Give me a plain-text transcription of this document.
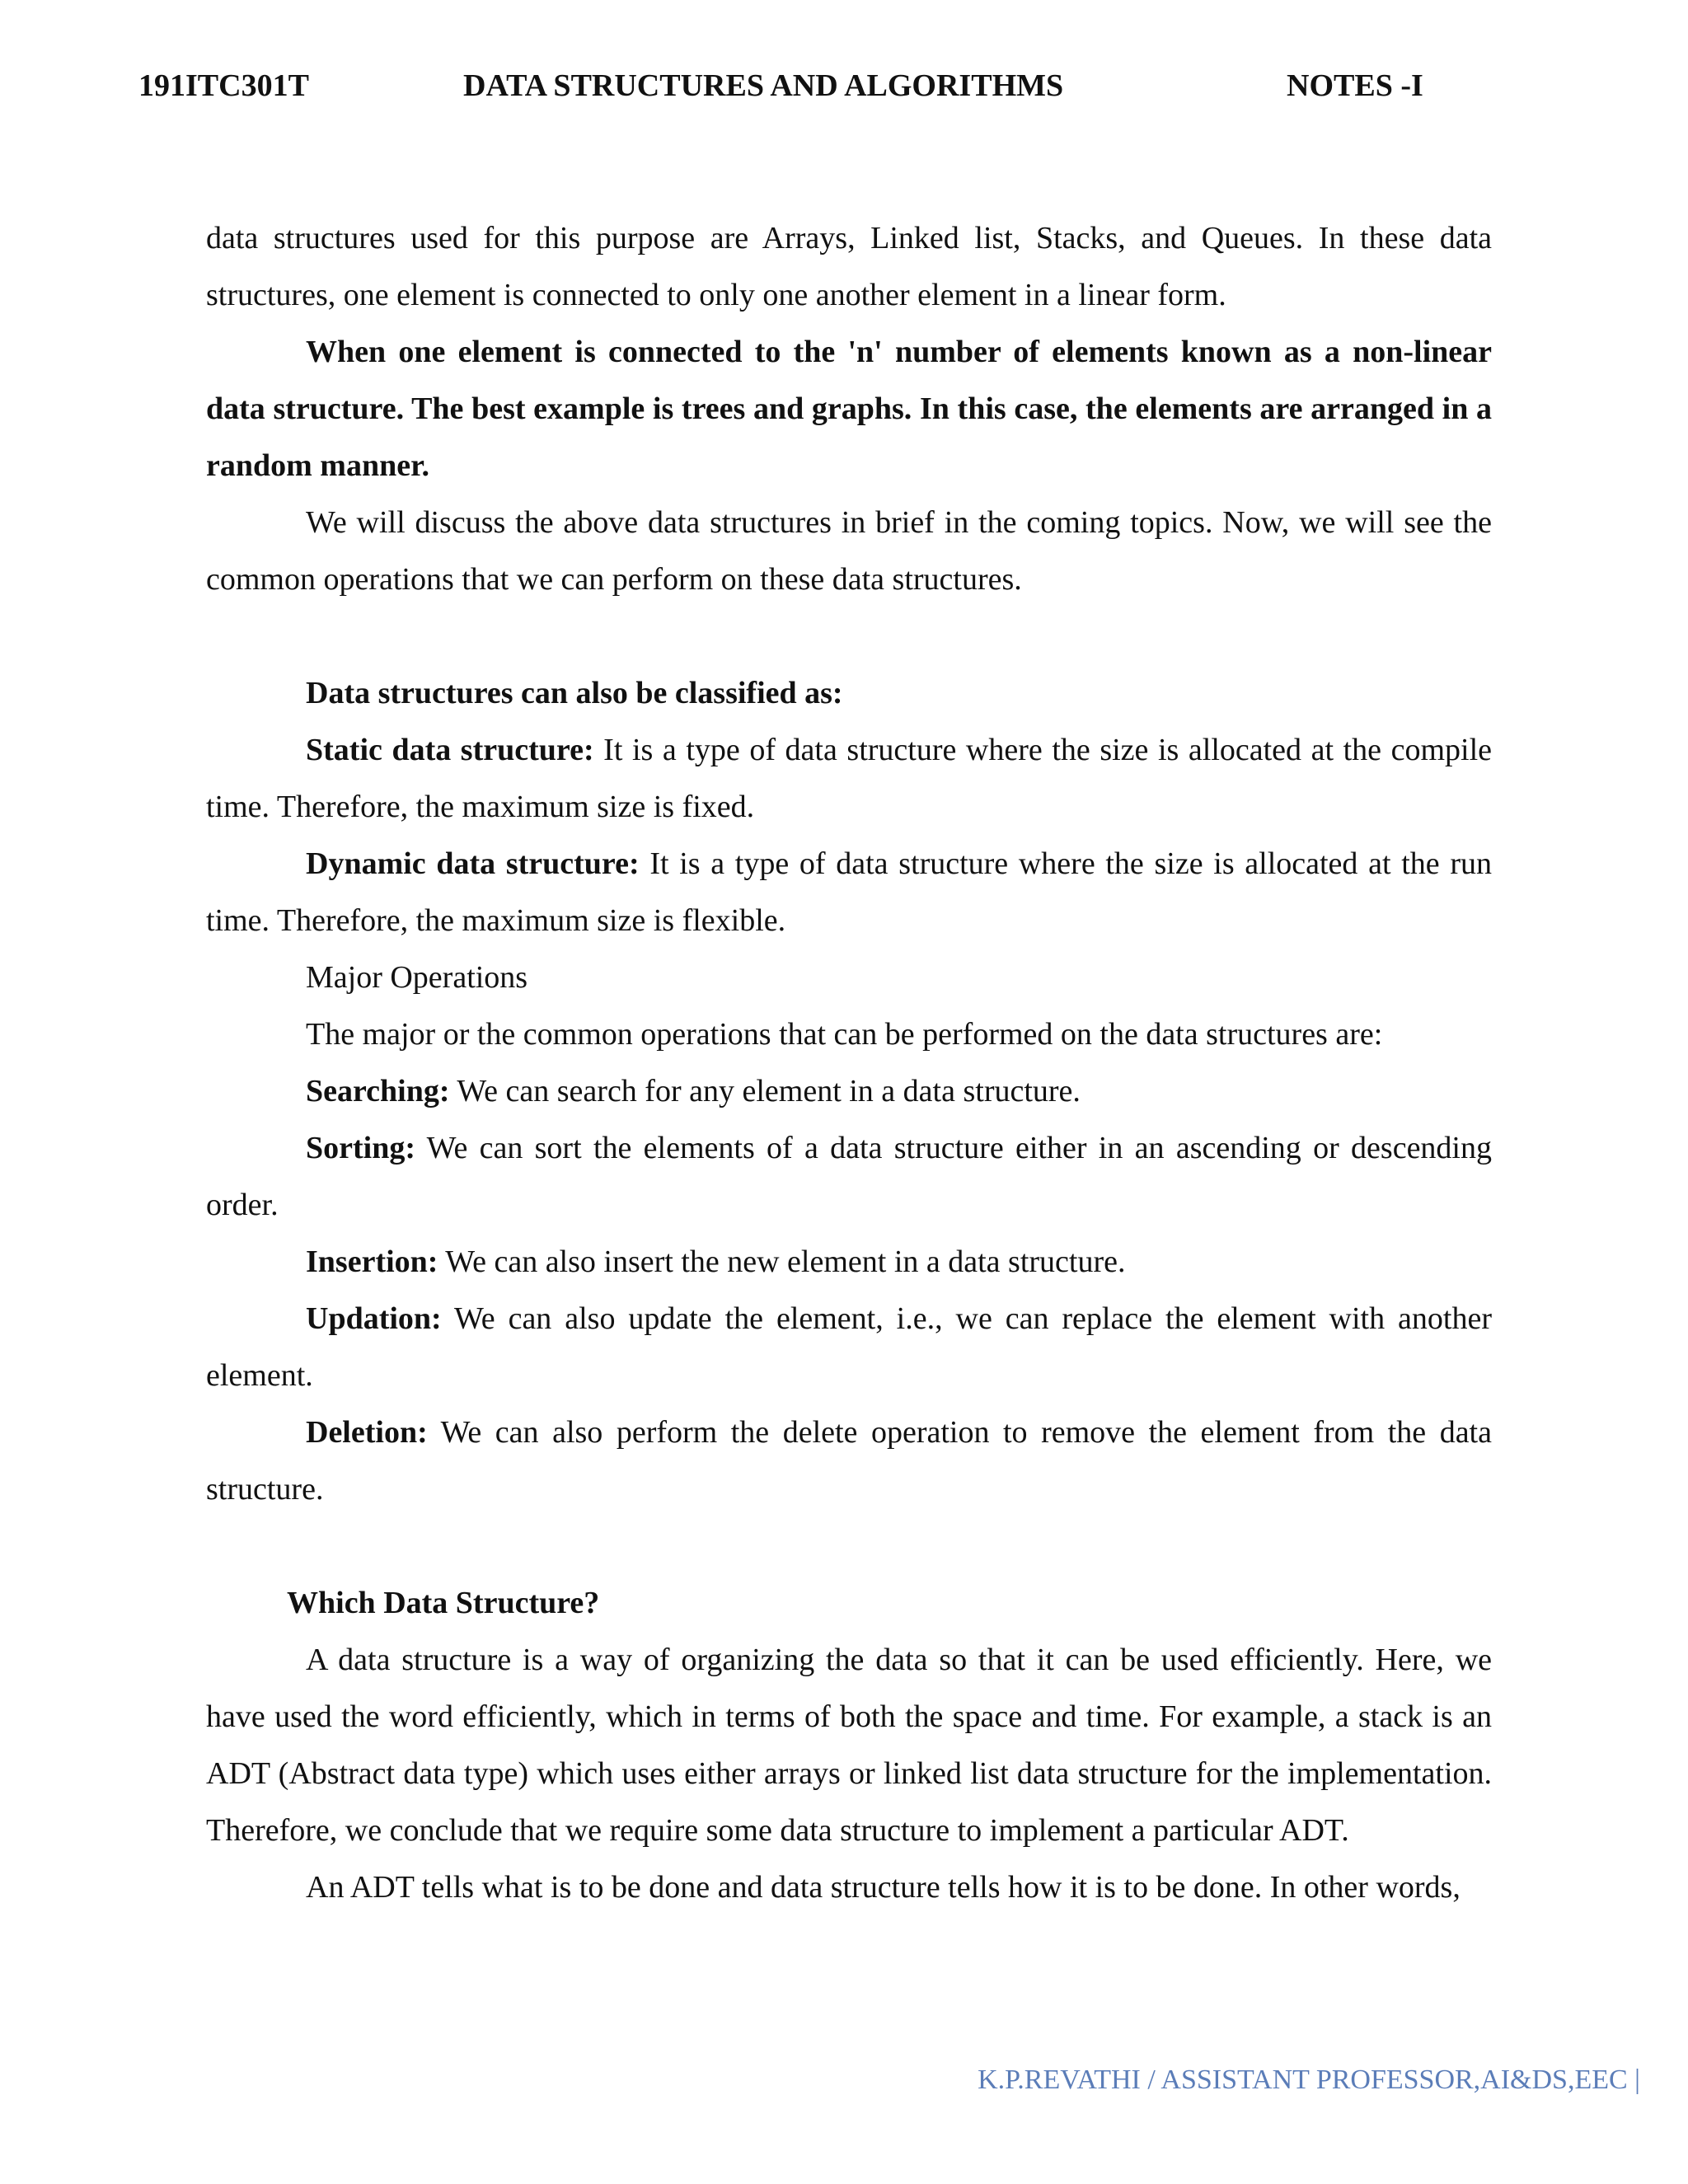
191ITC301T	DATA STRUCTURES AND ALGORITHMS	NOTES -I

data structures used for this purpose are Arrays, Linked list, Stacks, and Queues. In these data structures, one element is connected to only one another element in a linear form.

When one element is connected to the 'n' number of elements known as a non-linear data structure. The best example is trees and graphs. In this case, the elements are arranged in a random manner.

We will discuss the above data structures in brief in the coming topics. Now, we will see the common operations that we can perform on these data structures.

Data structures can also be classified as:

Static data structure: It is a type of data structure where the size is allocated at the compile time. Therefore, the maximum size is fixed.

Dynamic data structure: It is a type of data structure where the size is allocated at the run time. Therefore, the maximum size is flexible.

Major Operations

The major or the common operations that can be performed on the data structures are:

Searching: We can search for any element in a data structure.

Sorting: We can sort the elements of a data structure either in an ascending or descending order.

Insertion: We can also insert the new element in a data structure.

Updation: We can also update the element, i.e., we can replace the element with another element.

Deletion: We can also perform the delete operation to remove the element from the data structure.

Which Data Structure?

A data structure is a way of organizing the data so that it can be used efficiently. Here, we have used the word efficiently, which in terms of both the space and time. For example, a stack is an ADT (Abstract data type) which uses either arrays or linked list data structure for the implementation. Therefore, we conclude that we require some data structure to implement a particular ADT.

An ADT tells what is to be done and data structure tells how it is to be done. In other words,

K.P.REVATHI / ASSISTANT PROFESSOR,AI&DS,EEC |
